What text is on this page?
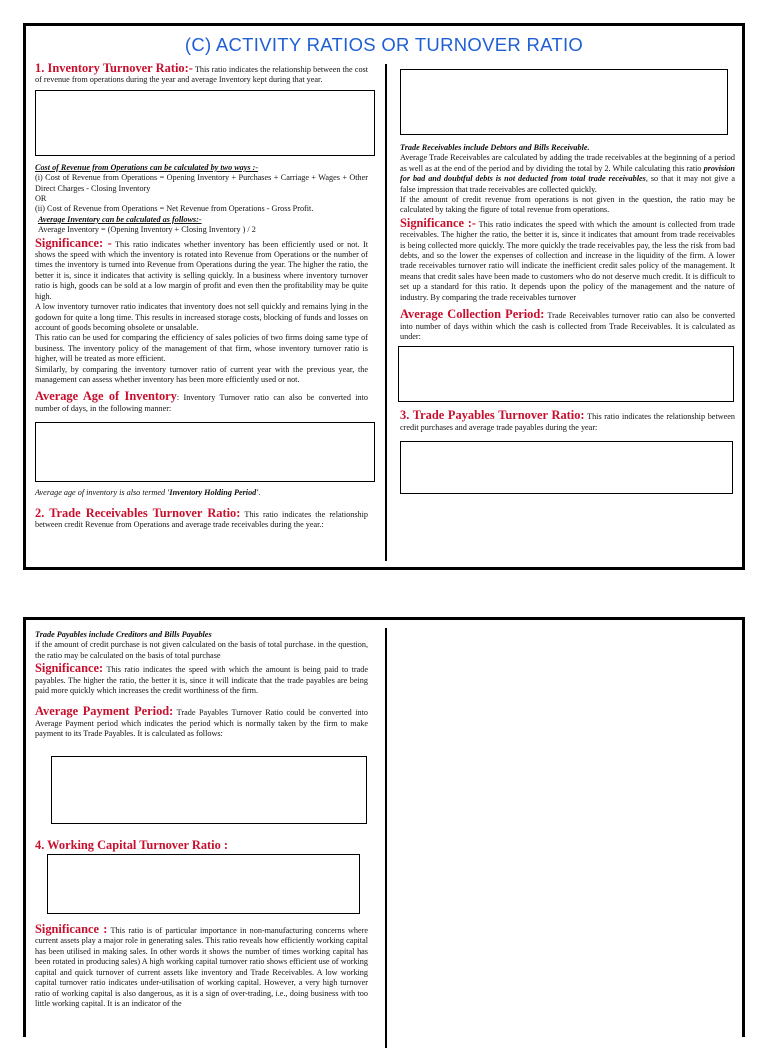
(C) ACTIVITY RATIOS OR TURNOVER RATIO

1. Inventory Turnover Ratio:- This ratio indicates the relationship between the cost of revenue from operations during the year and average Inventory kept during that year.

Cost of Revenue from Operations can be calculated by two ways :-

(i) Cost of Revenue from Operations = Opening Inventory + Purchases + Carriage + Wages + Other Direct Charges - Closing Inventory

OR

(ii) Cost of Revenue from Operations = Net Revenue from Operations - Gross Profit.

Average Inventory can be calculated as follows:-

Average Inventory = (Opening Inventory + Closing Inventory ) / 2

Significance: - This ratio indicates whether inventory has been efficiently used or not. It shows the speed with which the inventory is rotated into Revenue from Operations or the number of times the inventory is turned into Revenue from Operations during the year. The higher the ratio, the better it is, since it indicates that activity is selling quickly. In a business where inventory turnover ratio is high, goods can be sold at a low margin of profit and even then the profitability may be quite high.

A low inventory turnover ratio indicates that inventory does not sell quickly and remains lying in the godown for quite a long time. This results in increased storage costs, blocking of funds and losses on account of goods becoming obsolete or unsalable.

This ratio can be used for comparing the efficiency of sales policies of two firms doing same type of business. The inventory policy of the management of that firm, whose inventory turnover ratio is higher, will be treated as more efficient.

Similarly, by comparing the inventory turnover ratio of current year with the previous year, the management can assess whether inventory has been more efficiently used or not.

Average Age of Inventory: Inventory Turnover ratio can also be converted into number of days, in the following manner:

Average age of inventory is also termed 'Inventory Holding Period'.

2. Trade Receivables Turnover Ratio: This ratio indicates the relationship between credit Revenue from Operations and average trade receivables during the year.:

Trade Receivables include Debtors and Bills Receivable.

Average Trade Receivables are calculated by adding the trade receivables at the beginning of a period as well as at the end of the period and by dividing the total by 2. While calculating this ratio provision for bad and doubtful debts is not deducted from total trade receivables, so that it may not give a false impression that trade receivables are collected quickly.

If the amount of credit revenue from operations is not given in the question, the ratio may be calculated by taking the figure of total revenue from operations.

Significance :- This ratio indicates the speed with which the amount is collected from trade receivables. The higher the ratio, the better it is, since it indicates that amount from trade receivables is being collected more quickly. The more quickly the trade receivables pay, the less the risk from bad debts, and so the lower the expenses of collection and increase in the liquidity of the firm. A lower trade receivables turnover ratio will indicate the inefficient credit sales policy of the management. It means that credit sales have been made to customers who do not deserve much credit. It is difficult to set up a standard for this ratio. It depends upon the policy of the management and the nature of industry. By comparing the trade receivables turnover

Average Collection Period: Trade Receivables turnover ratio can also be converted into number of days within which the cash is collected from Trade Receivables. It is calculated as under:

3. Trade Payables Turnover Ratio: This ratio indicates the relationship between credit purchases and average trade payables during the year:

Trade Payables include Creditors and Bills Payables

if the amount of credit purchase is not given calculated on the basis of total purchase. in the question, the ratio may be calculated on the basis of total purchase

Significance: This ratio indicates the speed with which the amount is being paid to trade payables. The higher the ratio, the better it is, since it will indicate that the trade payables are being paid more quickly which increases the credit worthiness of the firm.

Average Payment Period: Trade Payables Turnover Ratio could be converted into Average Payment period which indicates the period which is normally taken by the firm to make payment to its Trade Payables. It is calculated as follows:

4. Working Capital Turnover Ratio :

Significance : This ratio is of particular importance in non-manufacturing concerns where current assets play a major role in generating sales. This ratio reveals how efficiently working capital has been utilised in making sales. In other words it shows the number of times working capital has been rotated in producing sales) A high working capital turnover ratio shows efficient use of working capital and quick turnover of current assets like inventory and Trade Receivables. A low working capital turnover ratio indicates under-utilisation of working capital. However, a very high turnover ratio of working capital is also dangerous, as it is a sign of over-trading, i.e., doing business with too little working capital. It is an indicator of the
